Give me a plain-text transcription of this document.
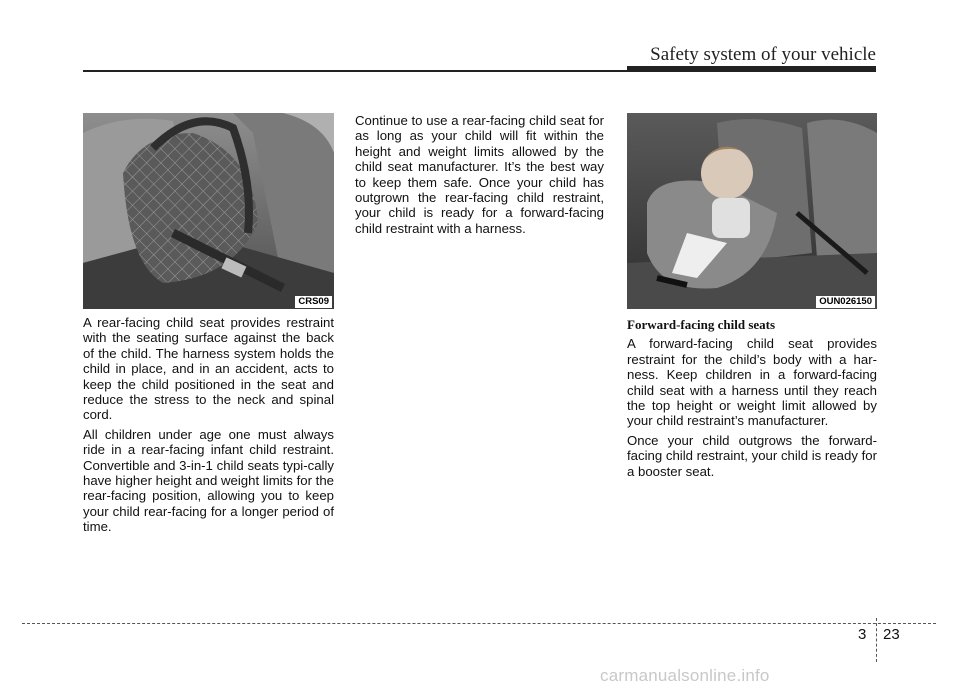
Safety system of your vehicle
CRS09	OUN026150

A rear-facing child seat provides restraint with the seating surface against the back of the child. The harness system holds the child in place, and in an accident, acts to keep the child positioned in the seat and reduce the stress to the neck and spinal cord.

All children under age one must always ride in a rear-facing infant child restraint. Convertible and 3-in-1 child seats typi-cally have higher height and weight limits for the rear-facing position, allowing you to keep your child rear-facing for a longer period of time.

Continue to use a rear-facing child seat for as long as your child will fit within the height and weight limits allowed by the child seat manufacturer. It’s the best way to keep them safe. Once your child has outgrown the rear-facing child restraint, your child is ready for a forward-facing child restraint with a harness.

Forward-facing child seats

A forward-facing child seat provides restraint for the child’s body with a har-ness. Keep children in a forward-facing child seat with a harness until they reach the top height or weight limit allowed by your child restraint’s manufacturer.

Once your child outgrows the forward-facing child restraint, your child is ready for a booster seat.

3 23
carmanualsonline.info
